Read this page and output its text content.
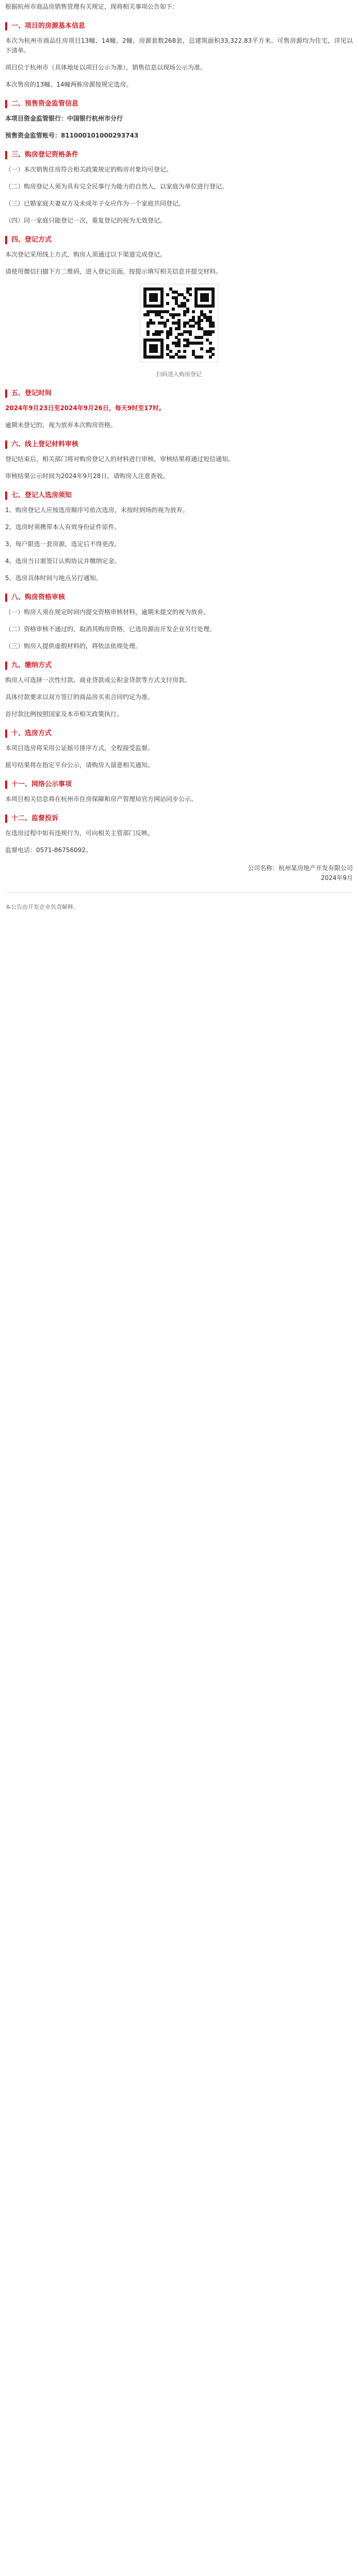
根据杭州市商品房销售管理有关规定，现将相关事项公告如下：

一、项目的房源基本信息

本次为杭州市商品住房项目13幢、14幢、2幢，房源套数268套，总建筑面积33,322.83平方米。可售房源均为住宅，详见以下清单。

项目位于杭州市（具体地址以项目公示为准），销售信息以现场公示为准。

本次售房的13幢、14幢两栋房源按规定选房。

二、预售资金监管信息

本项目资金监管银行：中国银行杭州市分行

预售资金监管账号：811000101000293743

三、购房登记资格条件

（一）本次销售住房符合相关政策规定的购房对象均可登记。

（二）购房登记人须为具有完全民事行为能力的自然人，以家庭为单位进行登记。

（三）已婚家庭夫妻双方及未成年子女应作为一个家庭共同登记。

（四）同一家庭只能登记一次，重复登记的视为无效登记。

四、登记方式

本次登记采用线上方式，购房人须通过以下渠道完成登记。

请使用微信扫描下方二维码，进入登记页面，按提示填写相关信息并提交材料。

扫码进入购房登记
五、登记时间

2024年9月23日至2024年9月26日，每天9时至17时。

逾期未登记的，视为放弃本次购房资格。

六、线上登记材料审核

登记结束后，相关部门将对购房登记人的材料进行审核，审核结果将通过短信通知。

审核结果公示时间为2024年9月28日，请购房人注意查收。

七、登记人选房须知

1、购房登记人应按选房顺序号依次选房，未按时到场的视为放弃。

2、选房时须携带本人有效身份证件原件。

3、每户限选一套房源，选定后不得更改。

4、选房当日需签订认购协议并缴纳定金。

5、选房具体时间与地点另行通知。

八、购房资格审核

（一）购房人须在规定时间内提交资格审核材料，逾期未提交的视为放弃。

（二）资格审核不通过的，取消其购房资格，已选房源由开发企业另行处理。

（三）购房人提供虚假材料的，将依法依规处理。

九、缴纳方式

购房人可选择一次性付款、商业贷款或公积金贷款等方式支付房款。

具体付款要求以双方签订的商品房买卖合同约定为准。

首付款比例按照国家及本市相关政策执行。

十、选房方式

本项目选房将采用公证摇号排序方式，全程接受监督。

摇号结果将在指定平台公示，请购房人留意相关通知。

十一、网络公示事项

本项目相关信息将在杭州市住房保障和房产管理局官方网站同步公示。

十二、监督投诉

在选房过程中如有违规行为，可向相关主管部门反映。

监督电话：0571-86756092。

公司名称：杭州某房地产开发有限公司
2024年9月

本公告由开发企业负责解释。
